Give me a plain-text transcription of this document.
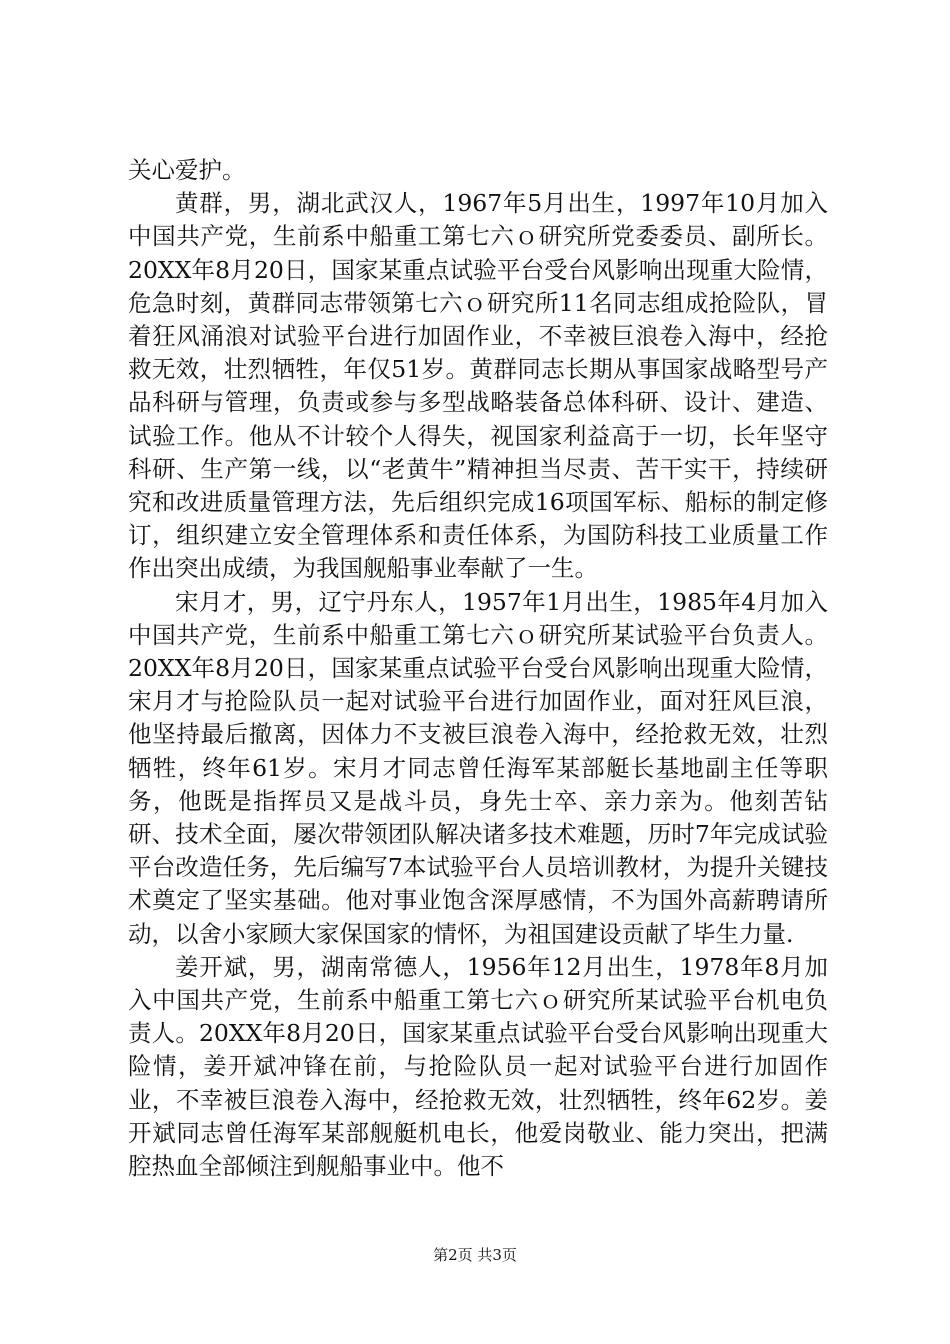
关心爱护。

黄群，男，湖北武汉人，1967年5月出生，1997年10月加入中国共产党，生前系中船重工第七六ｏ研究所党委委员、副所长。20XX年8月20日，国家某重点试验平台受台风影响出现重大险情，危急时刻，黄群同志带领第七六ｏ研究所11名同志组成抢险队，冒着狂风涌浪对试验平台进行加固作业，不幸被巨浪卷入海中，经抢救无效，壮烈牺牲，年仅51岁。黄群同志长期从事国家战略型号产品科研与管理，负责或参与多型战略装备总体科研、设计、建造、试验工作。他从不计较个人得失，视国家利益高于一切，长年坚守科研、生产第一线，以“老黄牛”精神担当尽责、苦干实干，持续研究和改进质量管理方法，先后组织完成16项国军标、船标的制定修订，组织建立安全管理体系和责任体系，为国防科技工业质量工作作出突出成绩，为我国舰船事业奉献了一生。

宋月才，男，辽宁丹东人，1957年1月出生，1985年4月加入中国共产党，生前系中船重工第七六ｏ研究所某试验平台负责人。20XX年8月20日，国家某重点试验平台受台风影响出现重大险情，宋月才与抢险队员一起对试验平台进行加固作业，面对狂风巨浪，他坚持最后撤离，因体力不支被巨浪卷入海中，经抢救无效，壮烈牺牲，终年61岁。宋月才同志曾任海军某部艇长基地副主任等职务，他既是指挥员又是战斗员，身先士卒、亲力亲为。他刻苦钻研、技术全面，屡次带领团队解决诸多技术难题，历时7年完成试验平台改造任务，先后编写7本试验平台人员培训教材，为提升关键技术奠定了坚实基础。他对事业饱含深厚感情，不为国外高薪聘请所动，以舍小家顾大家保国家的情怀，为祖国建设贡献了毕生力量.

姜开斌，男，湖南常德人，1956年12月出生，1978年8月加入中国共产党，生前系中船重工第七六ｏ研究所某试验平台机电负责人。20XX年8月20日，国家某重点试验平台受台风影响出现重大险情，姜开斌冲锋在前，与抢险队员一起对试验平台进行加固作业，不幸被巨浪卷入海中，经抢救无效，壮烈牺牲，终年62岁。姜开斌同志曾任海军某部舰艇机电长，他爱岗敬业、能力突出，把满腔热血全部倾注到舰船事业中。他不

第2页 共3页
